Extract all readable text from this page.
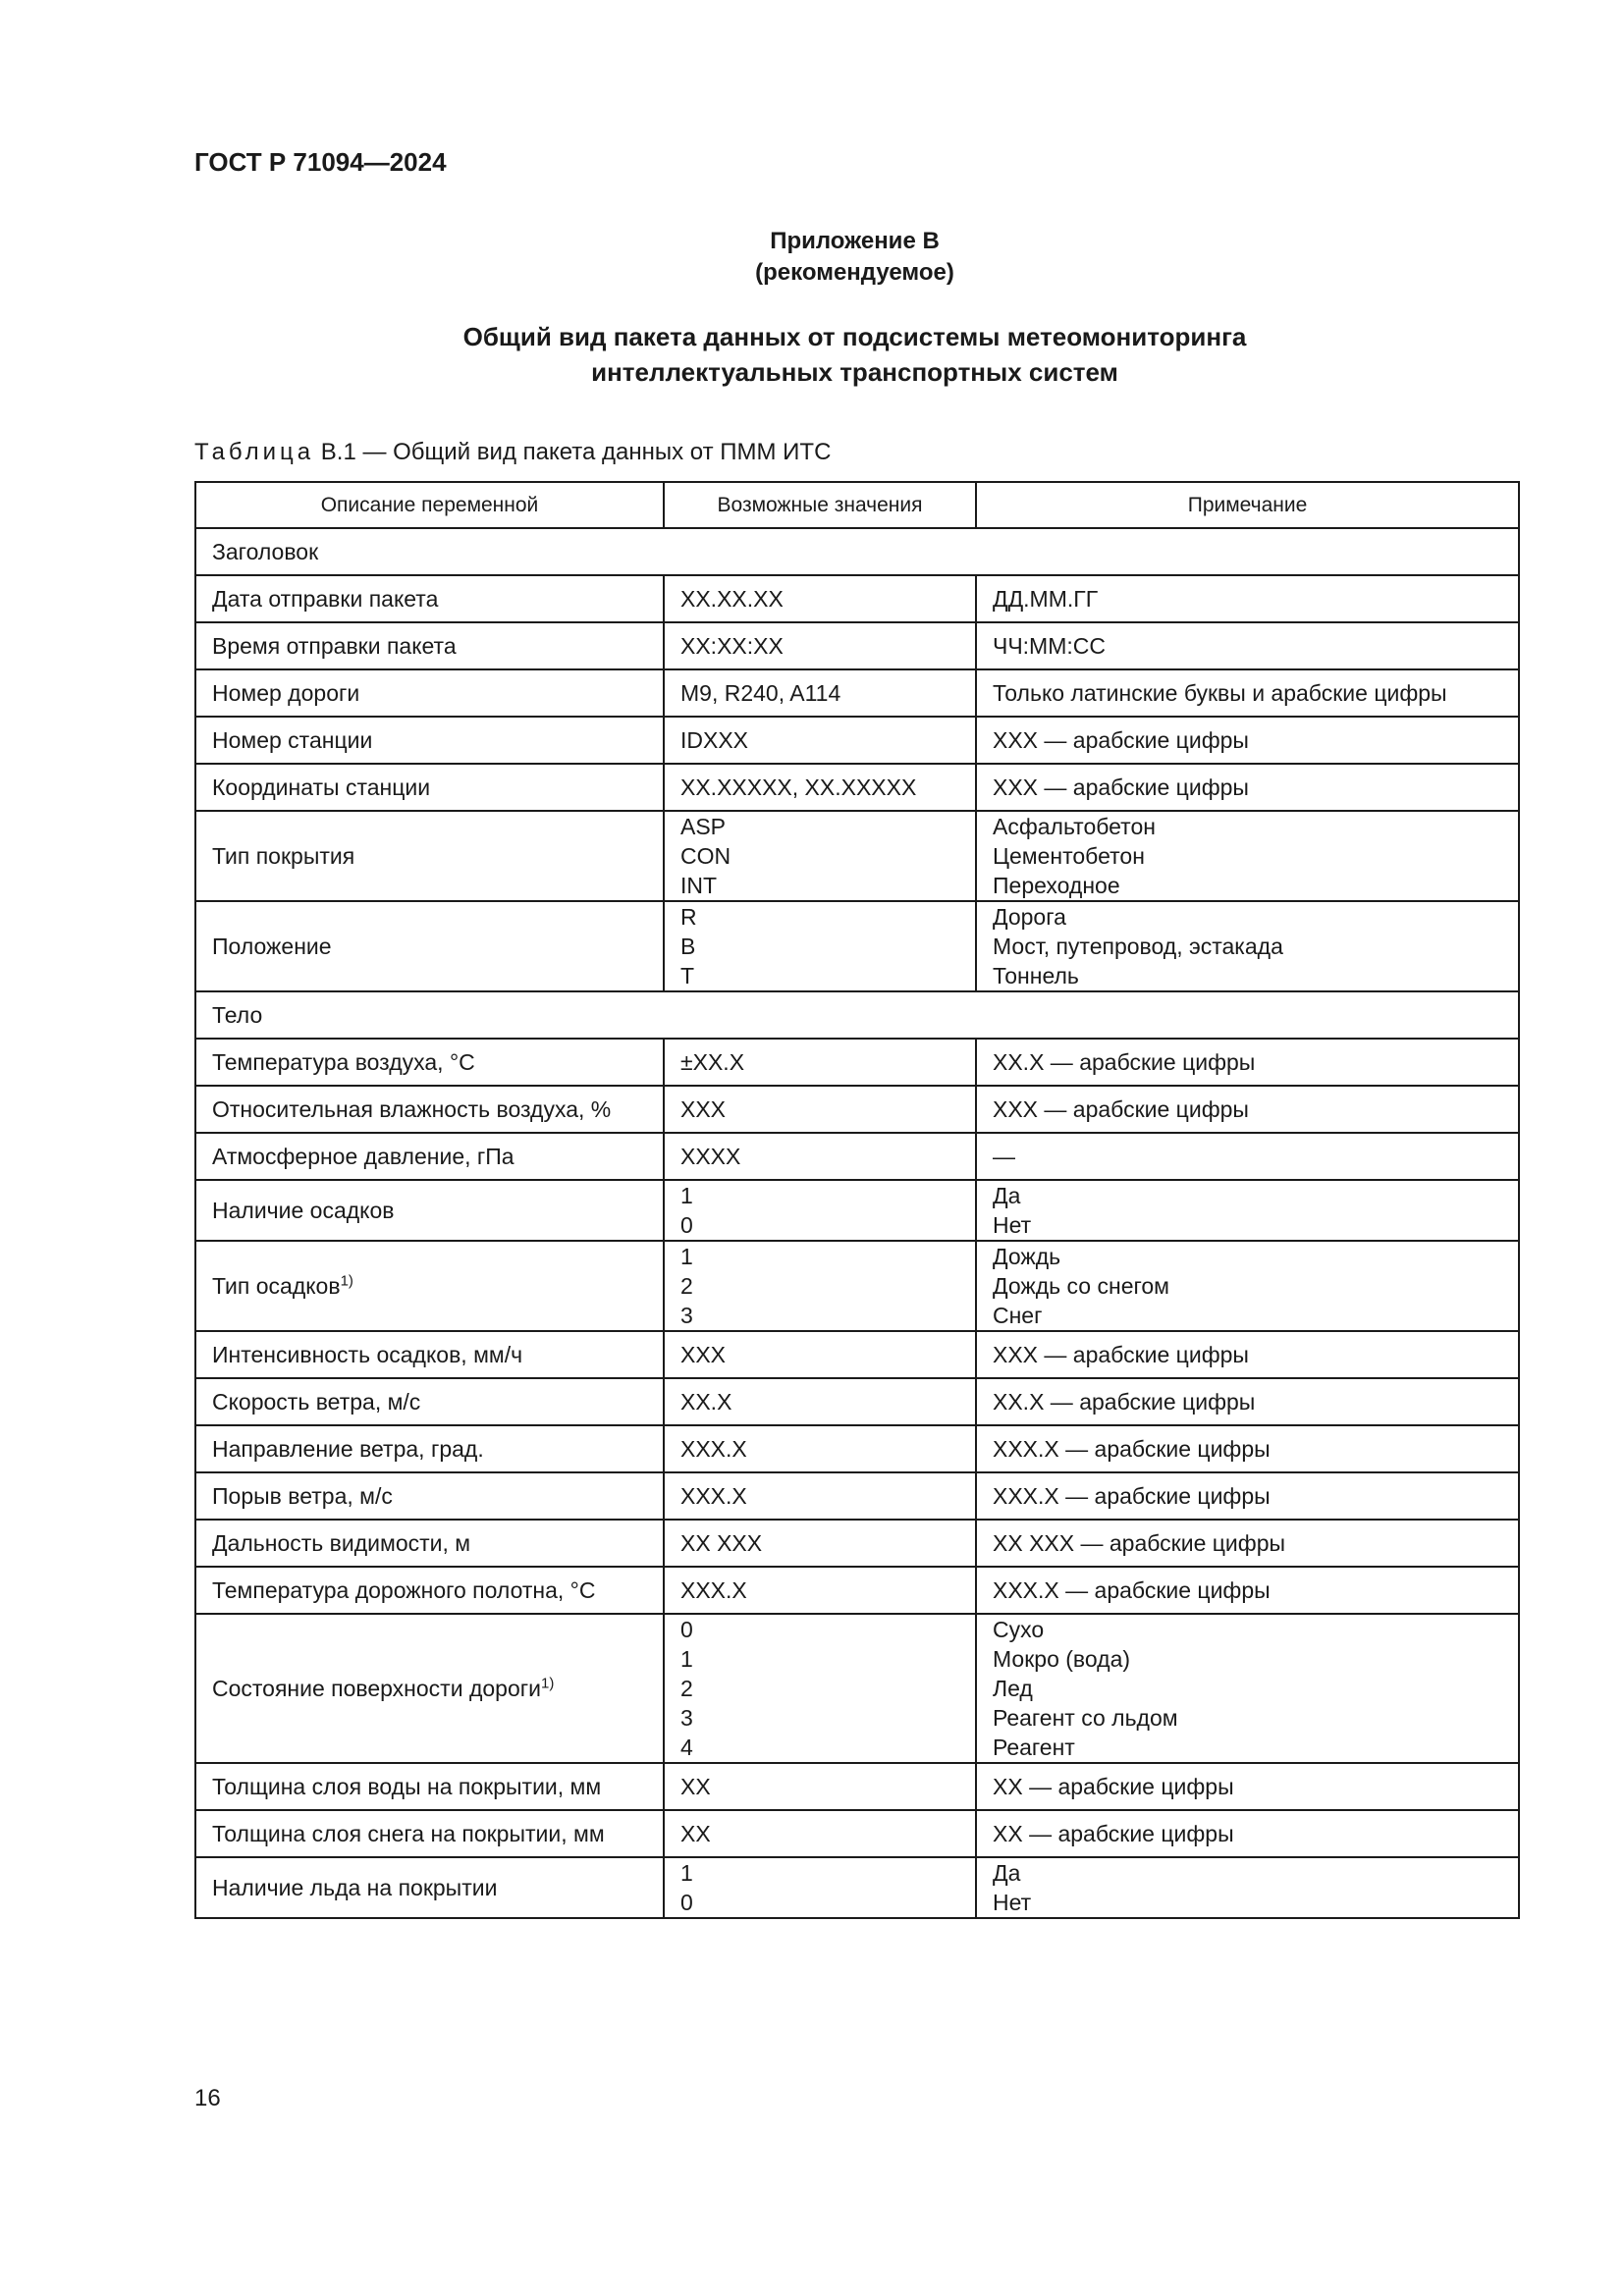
ГОСТ Р 71094—2024
Приложение В
(рекомендуемое)
Общий вид пакета данных от подсистемы метеомониторинга
интеллектуальных транспортных систем
Таблица В.1 — Общий вид пакета данных от ПММ ИТС
Описание переменной	Возможные значения	Примечание
Заголовок		
Дата отправки пакета	XX.XX.XX	ДД.ММ.ГГ

Время отправки пакета	XX:XX:XX	ЧЧ:ММ:СС

Номер дороги	M9, R240, A114	Только латинские буквы и арабские цифры

Номер станции	IDXXX	XXX — арабские цифры

Координаты станции	XX.XXXXX, XX.XXXXX	XXX — арабские цифры

Тип покрытия	ASP
CON
INT	Асфальтобетон
Цементобетон
Переходное

Положение	R
B
T	Дорога
Мост, путепровод, эстакада
Тоннель

Тело		
Температура воздуха, °С	±XX.X	XX.X — арабские цифры

Относительная влажность воздуха, %	XXX	XXX — арабские цифры

Атмосферное давление, гПа	XXXX	—

Наличие осадков	1
0	Да
Нет

Тип осадков$^{1)}$	1
2
3	Дождь
Дождь со снегом
Снег

Интенсивность осадков, мм/ч	XXX	XXX — арабские цифры

Скорость ветра, м/с	XX.X	XX.X — арабские цифры

Направление ветра, град.	XXX.X	XXX.X — арабские цифры

Порыв ветра, м/с	XXX.X	XXX.X — арабские цифры

Дальность видимости, м	XX XXX	XX XXX — арабские цифры

Температура дорожного полотна, °С	XXX.X	XXX.X — арабские цифры

Состояние поверхности дороги$^{1)}$	0
1
2
3
4	Сухо
Мокро (вода)
Лед
Реагент со льдом
Реагент

Толщина слоя воды на покрытии, мм	XX	XX — арабские цифры

Толщина слоя снега на покрытии, мм	XX	XX — арабские цифры

Наличие льда на покрытии	1
0	Да
Нет
16
